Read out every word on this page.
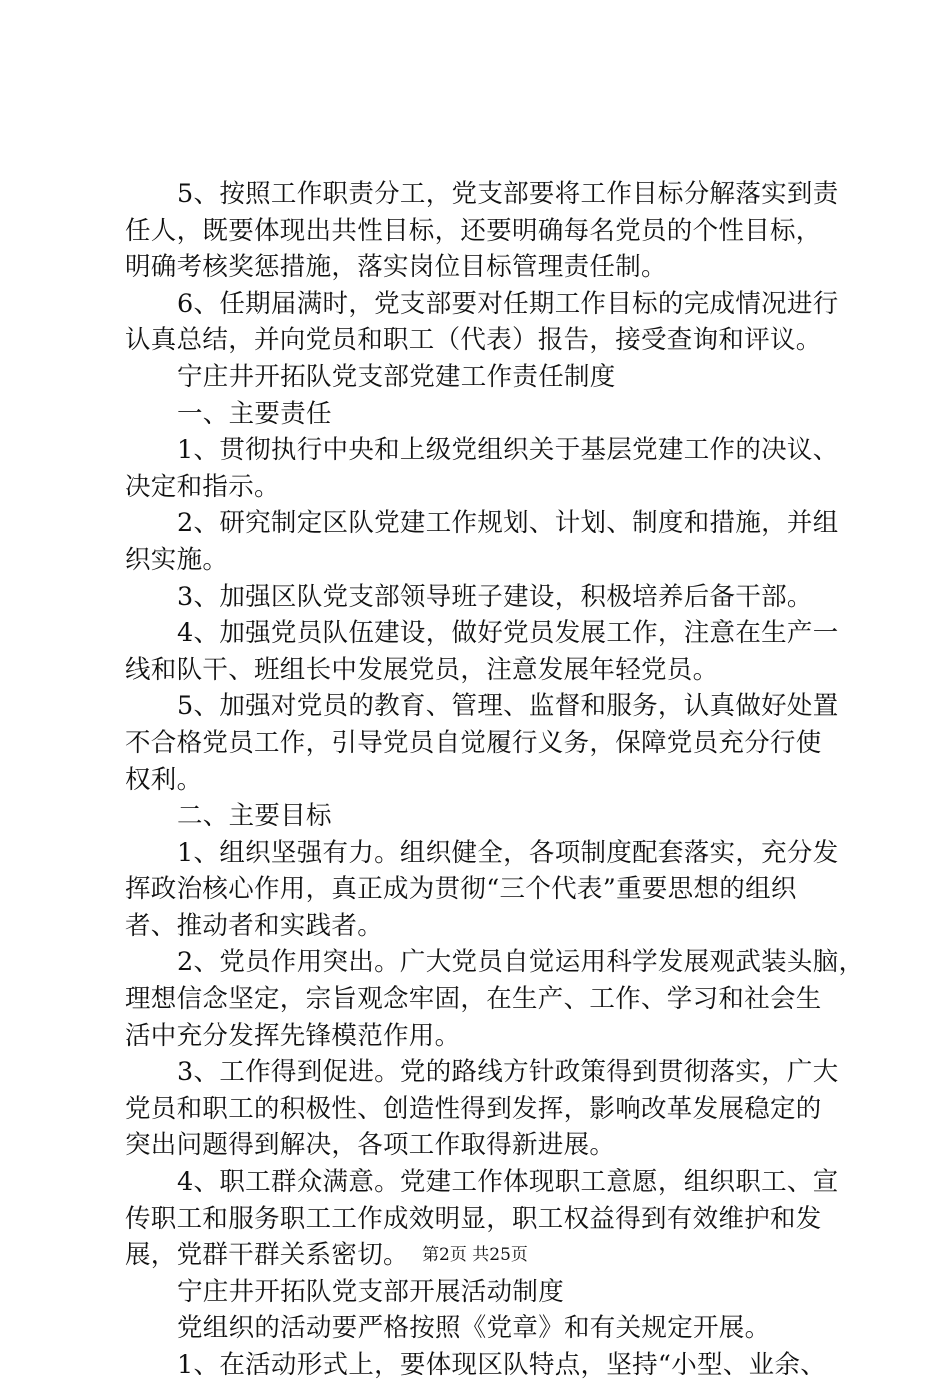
5、按照工作职责分工，党支部要将工作目标分解落实到责
任人，既要体现出共性目标，还要明确每名党员的个性目标，
明确考核奖惩措施，落实岗位目标管理责任制。
6、任期届满时，党支部要对任期工作目标的完成情况进行
认真总结，并向党员和职工（代表）报告，接受查询和评议。
宁庄井开拓队党支部党建工作责任制度
一、主要责任
1、贯彻执行中央和上级党组织关于基层党建工作的决议、
决定和指示。
2、研究制定区队党建工作规划、计划、制度和措施，并组
织实施。
3、加强区队党支部领导班子建设，积极培养后备干部。
4、加强党员队伍建设，做好党员发展工作，注意在生产一
线和队干、班组长中发展党员，注意发展年轻党员。
5、加强对党员的教育、管理、监督和服务，认真做好处置
不合格党员工作，引导党员自觉履行义务，保障党员充分行使
权利。
二、主要目标
1、组织坚强有力。组织健全，各项制度配套落实，充分发
挥政治核心作用，真正成为贯彻“三个代表”重要思想的组织
者、推动者和实践者。
2、党员作用突出。广大党员自觉运用科学发展观武装头脑，
理想信念坚定，宗旨观念牢固，在生产、工作、学习和社会生
活中充分发挥先锋模范作用。
3、工作得到促进。党的路线方针政策得到贯彻落实，广大
党员和职工的积极性、创造性得到发挥，影响改革发展稳定的
突出问题得到解决，各项工作取得新进展。
4、职工群众满意。党建工作体现职工意愿，组织职工、宣
传职工和服务职工工作成效明显，职工权益得到有效维护和发
展，党群干群关系密切。
宁庄井开拓队党支部开展活动制度
党组织的活动要严格按照《党章》和有关规定开展。
1、在活动形式上，要体现区队特点，坚持“小型、业余、
第2页 共25页
